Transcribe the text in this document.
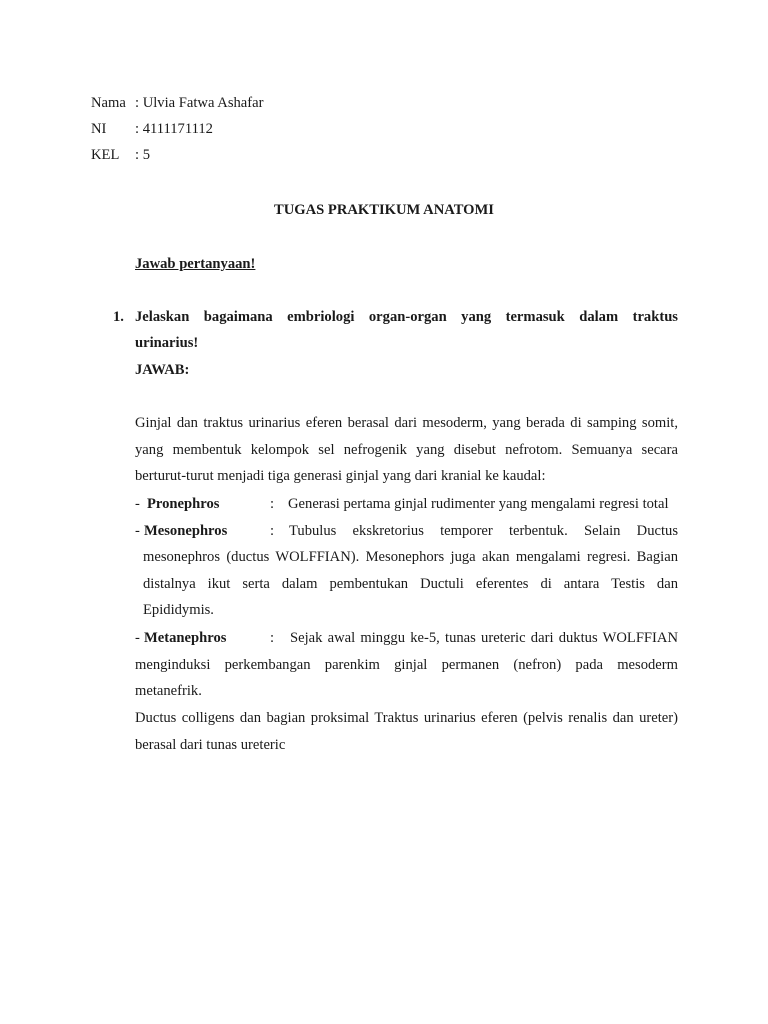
Nama : Ulvia Fatwa Ashafar
NI : 4111171112
KEL : 5
TUGAS PRAKTIKUM ANATOMI
Jawab pertanyaan!
1. Jelaskan bagaimana embriologi organ-organ yang termasuk dalam traktus
urinarius!
JAWAB:
Ginjal dan traktus urinarius eferen berasal dari mesoderm, yang berada di samping somit,
yang membentuk kelompok sel nefrogenik yang disebut nefrotom. Semuanya secara
berturut-turut menjadi tiga generasi ginjal yang dari kranial ke kaudal:
- Pronephros	: Generasi pertama ginjal rudimenter yang mengalami regresi total
- Mesonephros	: Tubulus ekskretorius temporer terbentuk. Selain Ductus
mesonephros (ductus WOLFFIAN). Mesonephors juga akan mengalami regresi. Bagian
distalnya ikut serta dalam pembentukan Ductuli eferentes di antara Testis dan
Epididymis.
- Metanephros	: Sejak awal minggu ke-5, tunas ureteric dari duktus WOLFFIAN
menginduksi perkembangan parenkim ginjal permanen (nefron) pada mesoderm
metanefrik.
Ductus colligens dan bagian proksimal Traktus urinarius eferen (pelvis renalis dan ureter)
berasal dari tunas ureteric
